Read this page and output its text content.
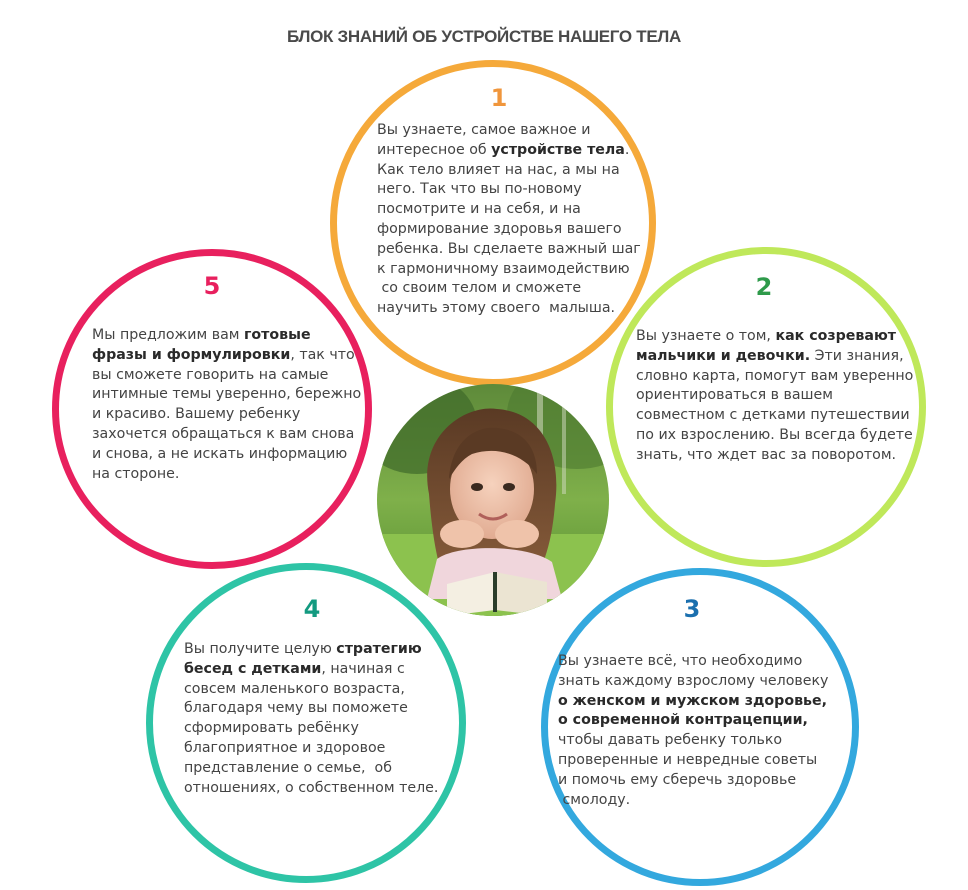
БЛОК ЗНАНИЙ ОБ УСТРОЙСТВЕ НАШЕГО ТЕЛА
1
Вы узнаете, самое важное и
интересное об устройстве тела.
Как тело влияет на нас, а мы на
него. Так что вы по-новому
посмотрите и на себя, и на
формирование здоровья вашего
ребенка. Вы сделаете важный шаг
к гармоничному взаимодействию
со своим телом и сможете
научить этому своего  малыша.
5
Мы предложим вам готовые
фразы и формулировки, так что
вы сможете говорить на самые
интимные темы уверенно, бережно
и красиво. Вашему ребенку
захочется обращаться к вам снова
и снова, а не искать информацию
на стороне.
2
Вы узнаете о том, как созревают
мальчики и девочки. Эти знания,
словно карта, помогут вам уверенно
ориентироваться в вашем
совместном с детками путешествии
по их взрослению. Вы всегда будете
знать, что ждет вас за поворотом.
4
Вы получите целую стратегию
бесед с детками, начиная с
совсем маленького возраста,
благодаря чему вы поможете
сформировать ребёнку
благоприятное и здоровое
представление о семье,  об
отношениях, о собственном теле.
3
Вы узнаете всё, что необходимо
знать каждому взрослому человеку
о женском и мужском здоровье,
о современной контрацепции,
чтобы давать ребенку только
проверенные и невредные советы
и помочь ему сберечь здоровье
смолоду.
